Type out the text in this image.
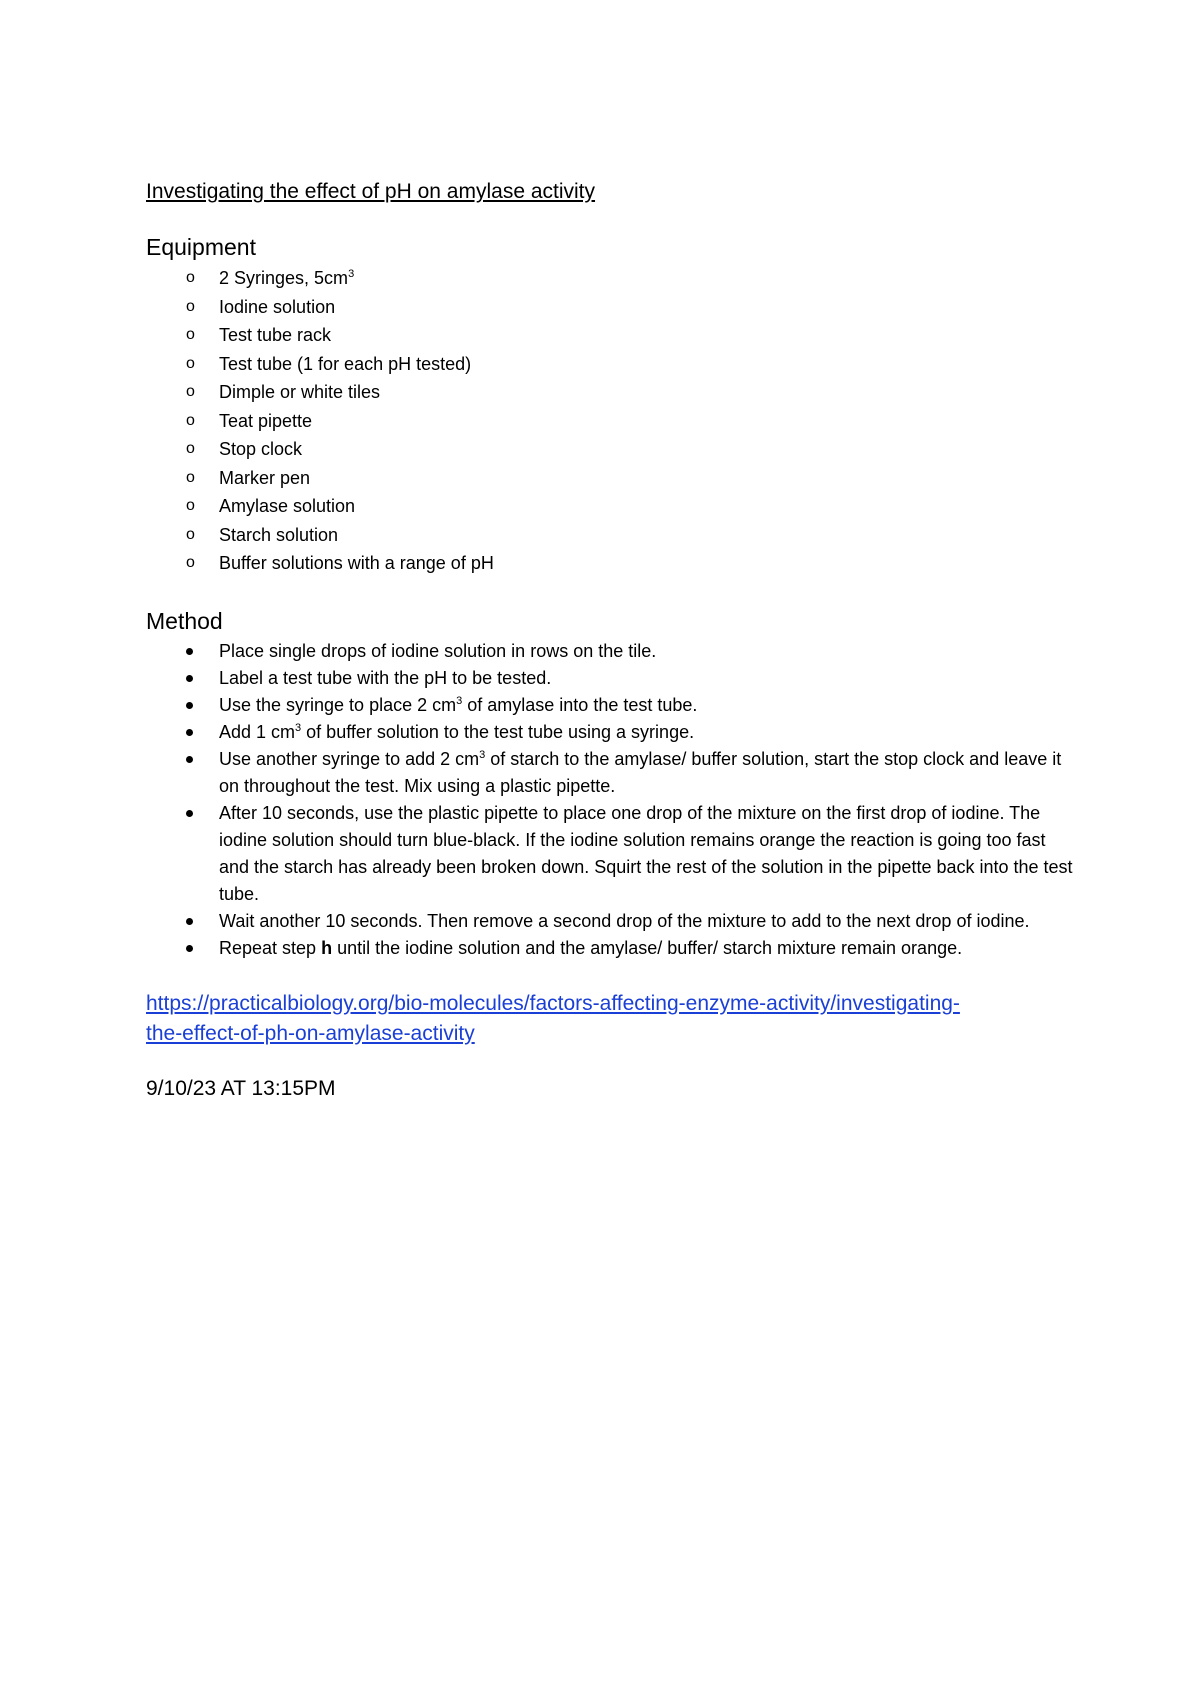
Investigating the effect of pH on amylase activity
Equipment
o 2 Syringes, $5cm^3$
o Iodine solution
o Test tube rack
o Test tube (1 for each pH tested)
o Dimple or white tiles
o Teat pipette
o Stop clock
o Marker pen
o Amylase solution
o Starch solution
o Buffer solutions with a range of pH
Method
Place single drops of iodine solution in rows on the tile.
Label a test tube with the pH to be tested.
Use the syringe to place 2 $cm^3$ of amylase into the test tube.
Add 1 $cm^3$ of buffer solution to the test tube using a syringe.
Use another syringe to add 2 $cm^3$ of starch to the amylase/ buffer solution, start the stop clock and leave it on throughout the test. Mix using a plastic pipette.
After 10 seconds, use the plastic pipette to place one drop of the mixture on the first drop of iodine. The iodine solution should turn blue-black. If the iodine solution remains orange the reaction is going too fast and the starch has already been broken down. Squirt the rest of the solution in the pipette back into the test tube.
Wait another 10 seconds. Then remove a second drop of the mixture to add to the next drop of iodine.
Repeat step h until the iodine solution and the amylase/ buffer/ starch mixture remain orange.
https://practicalbiology.org/bio-molecules/factors-affecting-enzyme-activity/investigating-
the-effect-of-ph-on-amylase-activity
9/10/23 AT 13:15PM
